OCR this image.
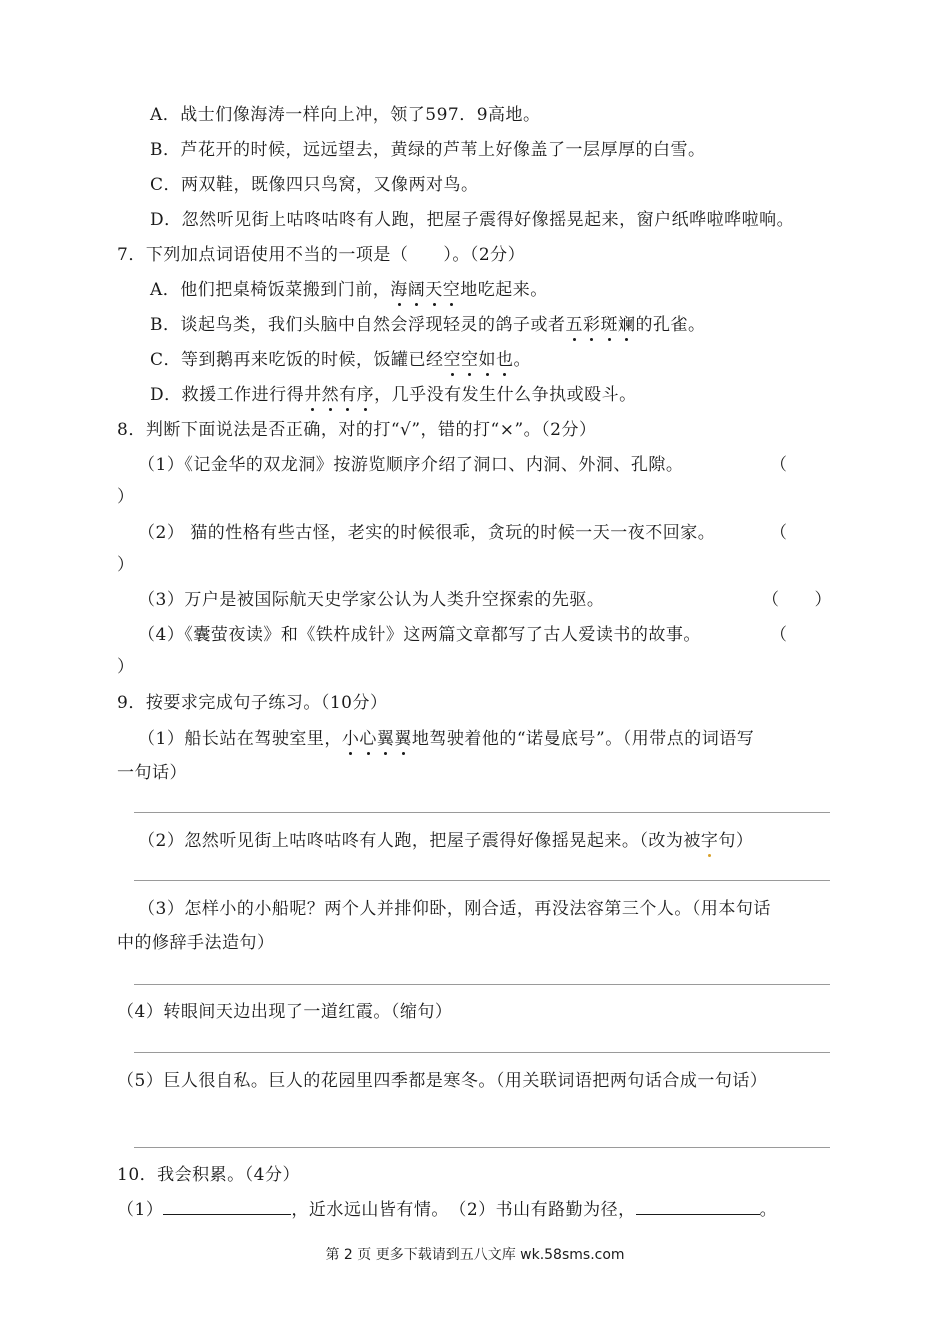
A．战士们像海涛一样向上冲，领了597．9高地。
B．芦花开的时候，远远望去，黄绿的芦苇上好像盖了一层厚厚的白雪。
C．两双鞋，既像四只鸟窝，又像两对鸟。
D．忽然听见街上咕咚咕咚有人跑，把屋子震得好像摇晃起来，窗户纸哗啦哗啦响。
7．下列加点词语使用不当的一项是（　　）。（2分）
A．他们把桌椅饭菜搬到门前，海阔天空地吃起来。
B．谈起鸟类，我们头脑中自然会浮现轻灵的鸽子或者五彩斑斓的孔雀。
C．等到鹅再来吃饭的时候，饭罐已经空空如也。
D．救援工作进行得井然有序，几乎没有发生什么争执或殴斗。
8．判断下面说法是否正确，对的打“√”，错的打“×”。（2分）
（1）《记金华的双龙洞》按游览顺序介绍了洞口、内洞、外洞、孔隙。	（
）
（2） 猫的性格有些古怪，老实的时候很乖，贪玩的时候一天一夜不回家。	（
）
（3）万户是被国际航天史学家公认为人类升空探索的先驱。	（　　）
（4）《囊萤夜读》和《铁杵成针》这两篇文章都写了古人爱读书的故事。	（
）
9．按要求完成句子练习。（10分）
（1）船长站在驾驶室里，小心翼翼地驾驶着他的“诺曼底号”。（用带点的词语写
一句话）
（2）忽然听见街上咕咚咕咚有人跑，把屋子震得好像摇晃起来。（改为被字句）
（3）怎样小的小船呢？两个人并排仰卧，刚合适，再没法容第三个人。（用本句话
中的修辞手法造句）
（4）转眼间天边出现了一道红霞。（缩句）
（5）巨人很自私。巨人的花园里四季都是寒冬。（用关联词语把两句话合成一句话）
10．我会积累。（4分）
（1）	，近水远山皆有情。　 （2）书山有路勤为径，	。
第 2 页 更多下载请到五八文库 wk.58sms.com
